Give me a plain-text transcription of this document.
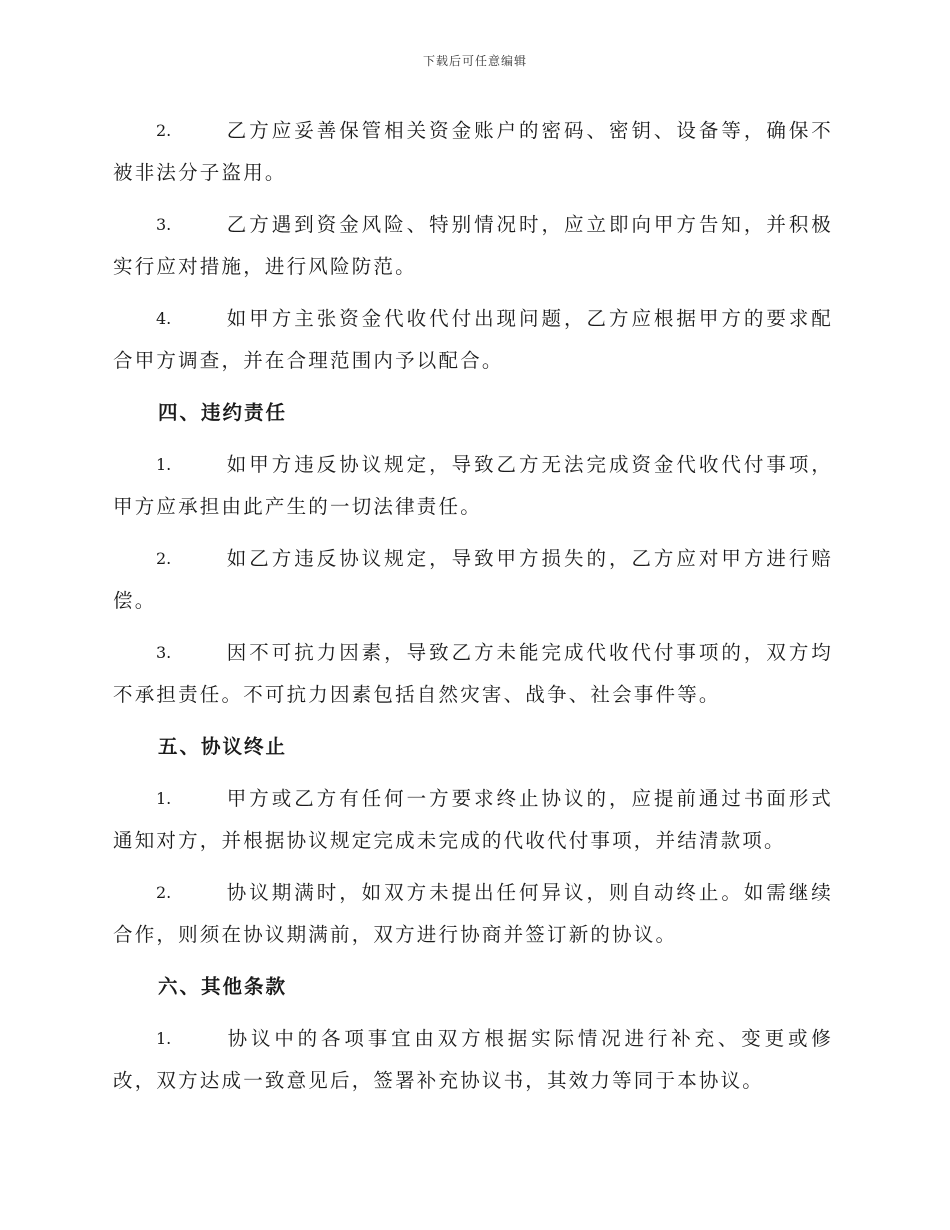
下载后可任意编辑
2.	乙方应妥善保管相关资金账户的密码、密钥、设备等，确保不被非法分子盗用。
3.	乙方遇到资金风险、特别情况时，应立即向甲方告知，并积极实行应对措施，进行风险防范。
4.	如甲方主张资金代收代付出现问题，乙方应根据甲方的要求配合甲方调查，并在合理范围内予以配合。
四、违约责任
1.	如甲方违反协议规定，导致乙方无法完成资金代收代付事项，甲方应承担由此产生的一切法律责任。
2.	如乙方违反协议规定，导致甲方损失的，乙方应对甲方进行赔偿。
3.	因不可抗力因素，导致乙方未能完成代收代付事项的，双方均不承担责任。不可抗力因素包括自然灾害、战争、社会事件等。
五、协议终止
1.	甲方或乙方有任何一方要求终止协议的，应提前通过书面形式通知对方，并根据协议规定完成未完成的代收代付事项，并结清款项。
2.	协议期满时，如双方未提出任何异议，则自动终止。如需继续合作，则须在协议期满前，双方进行协商并签订新的协议。
六、其他条款
1.	协议中的各项事宜由双方根据实际情况进行补充、变更或修改，双方达成一致意见后，签署补充协议书，其效力等同于本协议。
